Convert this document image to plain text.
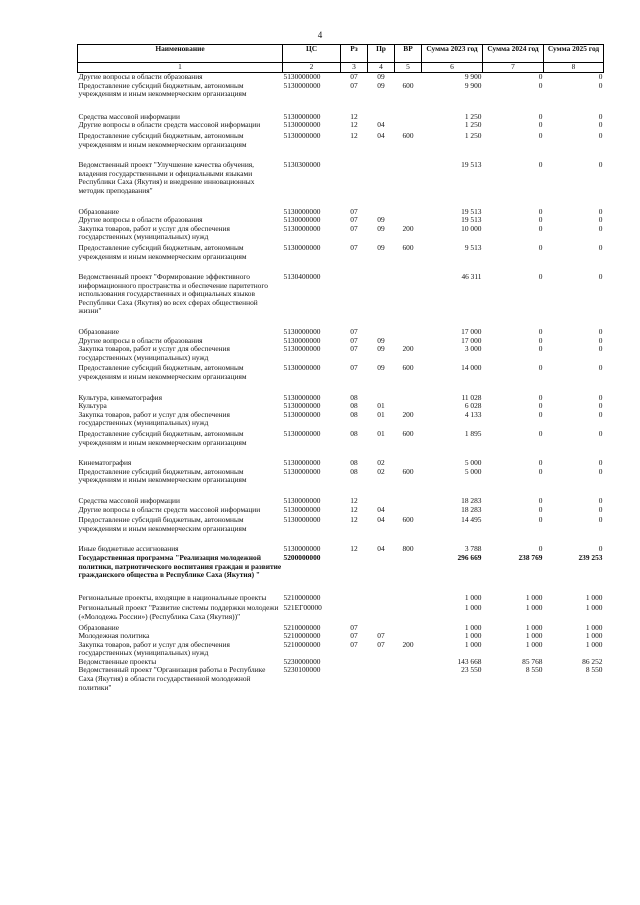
4
Наименование	ЦС	Рз	Пр	ВР	Сумма 2023 год	Сумма 2024 год	Сумма 2025 год
1	2	3	4	5	6	7	8
Другие вопросы в области образования	5130000000	07	09		9 900	0	0
Предоставление субсидий бюджетным, автономным учреждениям и иным некоммерческим организациям	5130000000	07	09	600	9 900	0	0

Средства массовой информации	5130000000	12			1 250	0	0
Другие вопросы в области средств массовой информации	5130000000	12	04		1 250	0	0

Предоставление субсидий бюджетным, автономным учреждениям и иным некоммерческим организациям	5130000000	12	04	600	1 250	0	0

Ведомственный проект "Улучшение качества обучения, владения государственными и официальными языками Республики Саха (Якутия) и внедрение инновационных методик преподавания"	5130300000				19 513	0	0

Образование	5130000000	07			19 513	0	0
Другие вопросы в области образования	5130000000	07	09		19 513	0	0
Закупка товаров, работ и услуг для обеспечения государственных (муниципальных) нужд	5130000000	07	09	200	10 000	0	0

Предоставление субсидий бюджетным, автономным учреждениям и иным некоммерческим организациям	5130000000	07	09	600	9 513	0	0

Ведомственный проект "Формирование эффективного информационного пространства и обеспечение паритетного использования государственных и официальных языков Республики Саха (Якутия) во всех сферах общественной жизни"	5130400000				46 311	0	0

Образование	5130000000	07			17 000	0	0
Другие вопросы в области образования	5130000000	07	09		17 000	0	0
Закупка товаров, работ и услуг для обеспечения государственных (муниципальных) нужд	5130000000	07	09	200	3 000	0	0

Предоставление субсидий бюджетным, автономным учреждениям и иным некоммерческим организациям	5130000000	07	09	600	14 000	0	0

Культура, кинематография	5130000000	08			11 028	0	0
Культура	5130000000	08	01		6 028	0	0
Закупка товаров, работ и услуг для обеспечения государственных (муниципальных) нужд	5130000000	08	01	200	4 133	0	0

Предоставление субсидий бюджетным, автономным учреждениям и иным некоммерческим организациям	5130000000	08	01	600	1 895	0	0

Кинематография	5130000000	08	02		5 000	0	0
Предоставление субсидий бюджетным, автономным учреждениям и иным некоммерческим организациям	5130000000	08	02	600	5 000	0	0

Средства массовой информации	5130000000	12			18 283	0	0
Другие вопросы в области средств массовой информации	5130000000	12	04		18 283	0	0

Предоставление субсидий бюджетным, автономным учреждениям и иным некоммерческим организациям	5130000000	12	04	600	14 495	0	0

Иные бюджетные ассигнования	5130000000	12	04	800	3 788	0	0
Государственная программа "Реализация молодежной политики, патриотического воспитания граждан и развитие гражданского общества в Республике Саха (Якутия) "	5200000000				296 669	238 769	239 253

Региональные проекты, входящие в национальные проекты	5210000000				1 000	1 000	1 000

Региональный проект "Развитие системы поддержки молодежи («Молодежь России») (Республика Саха (Якутия))"	521EГ00000				1 000	1 000	1 000

Образование	5210000000	07			1 000	1 000	1 000
Молодежная политика	5210000000	07	07		1 000	1 000	1 000
Закупка товаров, работ и услуг для обеспечения государственных (муниципальных) нужд	5210000000	07	07	200	1 000	1 000	1 000
Ведомственные проекты	5230000000				143 668	85 768	86 252
Ведомственный проект "Организация работы в Республике Саха (Якутия) в области государственной молодежной политики"	5230100000				23 550	8 550	8 550
